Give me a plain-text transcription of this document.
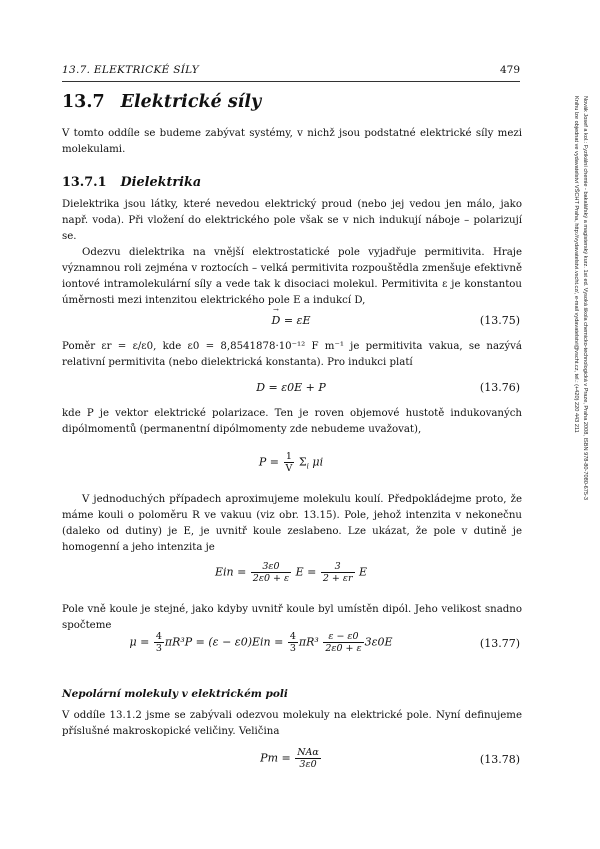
13.7. ELEKTRICKÉ SÍLY	479
Novák Josef a kol.: Fyzikální chemie - bakalářský a magisterský kurz. 1st ed. Vysoká škola chemicko-technologická v Praze, Praha 2008, ISBN 978-80-7080-675-3
Knihu lze objednat ve vydavatelství VŠCHT Praha, http://vydavatelstvi.vscht.cz/, e-mail vydavatelstvi@vscht.cz, tel.: (+420) 220 443 211
13.7 Elektrické síly
V tomto oddíle se budeme zabývat systémy, v nichž jsou podstatné elektrické síly mezi molekulami.
13.7.1 Dielektrika
Dielektrika jsou látky, které nevedou elektrický proud (nebo jej vedou jen málo, jako např. voda). Při vložení do elektrického pole však se v nich indukují náboje – polarizují se.
Odezvu dielektrika na vnější elektrostatické pole vyjadřuje permitivita. Hraje významnou roli zejména v roztocích – velká permitivita rozpouštědla zmenšuje efektivně iontové intramolekulární síly a vede tak k disociaci molekul. Permitivita ε je konstantou úměrnosti mezi intenzitou elektrického pole E a indukcí D,
→ D = εE	(13.75)
Poměr εr = ε/ε0, kde ε0 = 8,8541878·10⁻¹² F m⁻¹ je permitivita vakua, se nazývá relativní permitivita (nebo dielektrická konstanta). Pro indukci platí
D = ε0E + P	(13.76)
kde P je vektor elektrické polarizace. Ten je roven objemové hustotě indukovaných dipólmomentů (permanentní dipólmomenty zde nebudeme uvažovat),
$P = \frac{1}{V} \Sigma_i$ μi
V jednoduchých případech aproximujeme molekulu koulí. Předpokládejme proto, že máme kouli o poloměru R ve vakuu (viz obr. 13.15). Pole, jehož intenzita v nekonečnu (daleko od dutiny) je E, je uvnitř koule zeslabeno. Lze ukázat, že pole v dutině je homogenní a jeho intenzita je
Ein = $\frac{3\varepsilon 0}{2\varepsilon 0 + \varepsilon}$ $E = \frac{3}{2 + \varepsilon r}$ E
Pole vně koule je stejné, jako kdyby uvnitř koule byl umístěn dipól. Jeho velikost snadno spočteme
$\mu = \frac{4}{3} \pi R^3P = (\varepsilon - \varepsilon 0)Ein = \frac{4}{3} \pi R^3 \frac{\varepsilon - \varepsilon 0}{2\varepsilon 0 + \varepsilon} 3\varepsilon 0E$	(13.77)
Nepolární molekuly v elektrickém poli
V oddíle 13.1.2 jsme se zabývali odezvou molekuly na elektrické pole. Nyní definujeme příslušné makroskopické veličiny. Veličina
$Pm = \frac{\text{NAα}}{3\varepsilon 0}$	(13.78)
